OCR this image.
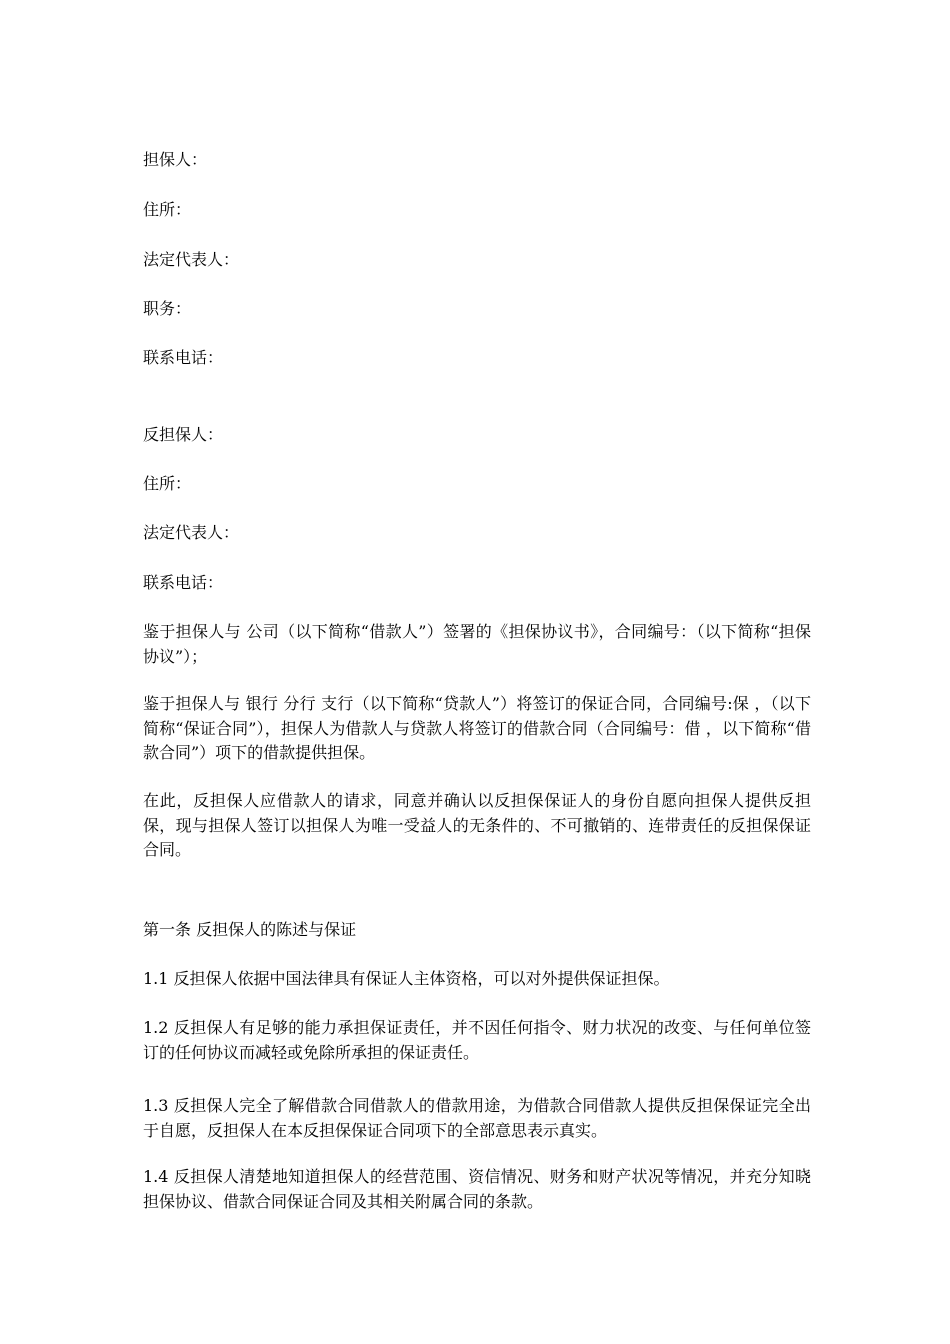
担保人：
住所：
法定代表人：
职务：
联系电话：
反担保人：
住所：
法定代表人：
联系电话：
鉴于担保人与 公司（以下简称“借款人”）签署的《担保协议书》，合同编号：（以下简称“担保协议”）；
鉴于担保人与 银行 分行 支行（以下简称“贷款人”）将签订的保证合同，合同编号:保 ，（以下简称“保证合同”），担保人为借款人与贷款人将签订的借款合同（合同编号：借 ，以下简称“借款合同”）项下的借款提供担保。
在此，反担保人应借款人的请求，同意并确认以反担保保证人的身份自愿向担保人提供反担保，现与担保人签订以担保人为唯一受益人的无条件的、不可撤销的、连带责任的反担保保证合同。
第一条 反担保人的陈述与保证
1.1 反担保人依据中国法律具有保证人主体资格，可以对外提供保证担保。
1.2 反担保人有足够的能力承担保证责任，并不因任何指令、财力状况的改变、与任何单位签订的任何协议而减轻或免除所承担的保证责任。
1.3 反担保人完全了解借款合同借款人的借款用途，为借款合同借款人提供反担保保证完全出于自愿，反担保人在本反担保保证合同项下的全部意思表示真实。
1.4 反担保人清楚地知道担保人的经营范围、资信情况、财务和财产状况等情况，并充分知晓担保协议、借款合同保证合同及其相关附属合同的条款。
